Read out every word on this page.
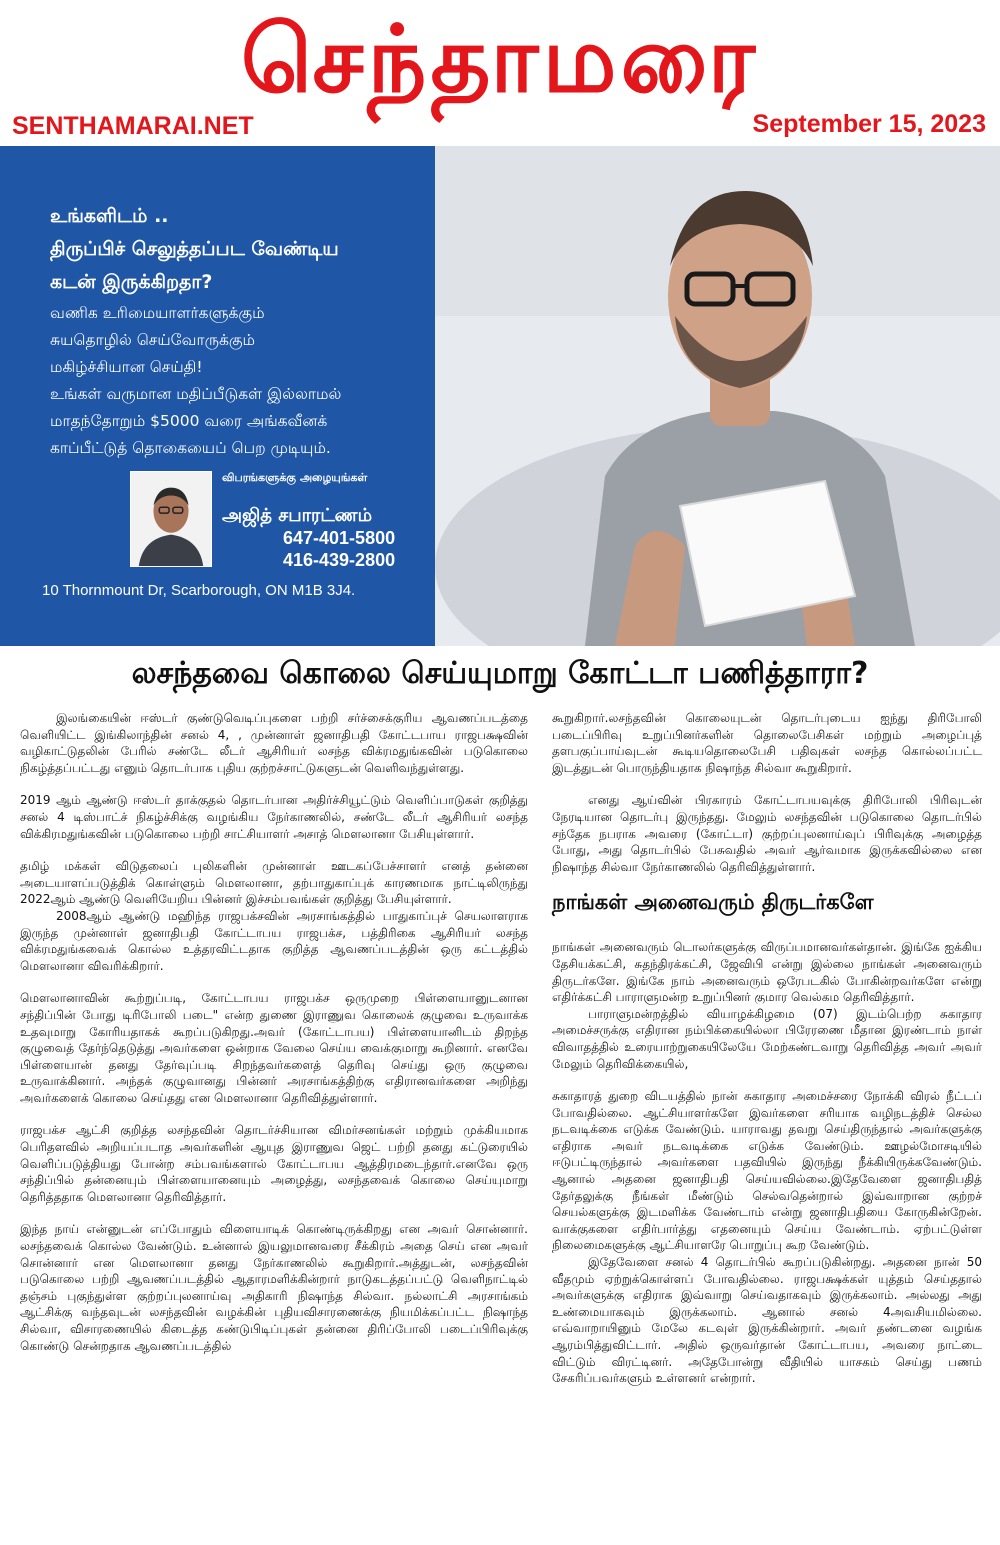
செந்தாமரை
SENTHAMARAI.NET	September 15, 2023
உங்களிடம் ..
திருப்பிச் செலுத்தப்பட வேண்டிய
கடன் இருக்கிறதா?
வணிக உரிமையாளர்களுக்கும்
சுயதொழில் செய்வோருக்கும்
மகிழ்ச்சியான செய்தி!
உங்கள் வருமான மதிப்பீடுகள் இல்லாமல்
மாதந்தோறும் $5000 வரை அங்கவீனக்
காப்பீட்டுத் தொகையைப் பெற முடியும்.
விபரங்களுக்கு அழையுங்கள்
அஜித் சபாரட்ணம்
647-401-5800
416-439-2800
10 Thornmount Dr, Scarborough, ON M1B 3J4.
லசந்தவை கொலை செய்யுமாறு கோட்டா பணித்தாரா?

இலங்கையின் ஈஸ்டர் குண்டுவெடிப்புகளை பற்றி சர்ச்சைக்குரிய ஆவணப்படத்தை வெளியிட்ட இங்கிலாந்தின் சனல் 4, , முன்னாள் ஜனாதிபதி கோட்டபாய ராஜபக்ஷவின் வழிகாட்டுதலின் பேரில் சண்டே லீடர் ஆசிரியர் லசந்த விக்ரமதுங்கவின் படுகொலை நிகழ்த்தப்பட்டது எனும் தொடர்பாக புதிய குற்றச்சாட்டுகளுடன் வெளிவந்துள்ளது.

2019 ஆம் ஆண்டு ஈஸ்டர் தாக்குதல் தொடர்பான அதிர்ச்சியூட்டும் வெளிப்பாடுகள் குறித்து சனல் 4 டிஸ்பாட்ச் நிகழ்ச்சிக்கு வழங்கிய நேர்காணலில், சண்டே லீடர் ஆசிரியர் லசந்த விக்கிரமதுங்கவின் படுகொலை பற்றி சாட்சியாளர் அசாத் மௌலானா பேசியுள்ளார்.

தமிழ் மக்கள் விடுதலைப் புலிகளின் முன்னாள் ஊடகப்பேச்சாளர் எனத் தன்னை அடையாளப்படுத்திக் கொள்ளும் மௌலானா, தற்பாதுகாப்புக் காரணமாக நாட்டிலிருந்து 2022ஆம் ஆண்டு வெளியேறிய பின்னர் இச்சம்பவங்கள் குறித்து பேசியுள்ளார்.

2008ஆம் ஆண்டு மஹிந்த ராஜபக்சவின் அரசாங்கத்தில் பாதுகாப்புச் செயலாளராக இருந்த முன்னாள் ஜனாதிபதி கோட்டாபய ராஜபக்ச, பத்திரிகை ஆசிரியர் லசந்த விக்ரமதுங்கவைக் கொல்ல உத்தரவிட்டதாக குறித்த ஆவணப்படத்தின் ஒரு கட்டத்தில் மௌலானா விவரிக்கிறார்.

மௌலானாவின் கூற்றுப்படி, கோட்டாபய ராஜபக்ச ஒருமுறை பிள்ளையானுடனான சந்திப்பின் போது டிரிபோலி படை" என்ற துணை இராணுவ கொலைக் குழுவை உருவாக்க உதவுமாறு கோரியதாகக் கூறப்படுகிறது.அவர் (கோட்டாபய) பிள்ளையானிடம் திறந்த குழுவைத் தேர்ந்தெடுத்து அவர்களை ஒன்றாக வேலை செய்ய வைக்குமாறு கூறினார். எனவே பிள்ளையான் தனது தேர்வுப்படி சிறந்தவர்களைத் தெரிவு செய்து ஒரு குழுவை உருவாக்கினார். அந்தக் குழுவானது பின்னர் அரசாங்கத்திற்கு எதிரானவர்களை அறிந்து அவர்களைக் கொலை செய்தது என மௌலானா தெரிவித்துள்ளார்.

ராஜபக்ச ஆட்சி குறித்த லசந்தவின் தொடர்ச்சியான விமர்சனங்கள் மற்றும் முக்கியமாக பெரிதளவில் அறியப்படாத அவர்களின் ஆயுத இராணுவ ஜெட் பற்றி தனது கட்டுரையில் வெளிப்படுத்தியது போன்ற சம்பவங்களால் கோட்டாபய ஆத்திரமடைந்தார்.எனவே ஒரு சந்திப்பில் தன்னையும் பிள்ளையானையும் அழைத்து, லசந்தவைக் கொலை செய்யுமாறு தெரித்ததாக மௌலானா தெரிவித்தார்.

இந்த நாய் என்னுடன் எப்போதும் விளையாடிக் கொண்டிருக்கிறது என அவர் சொன்னார். லசந்தவைக் கொல்ல வேண்டும். உன்னால் இயலுமானவரை சீக்கிரம் அதை செய் என அவர் சொன்னார் என மௌலானா தனது நேர்காணலில் கூறுகிறார்.அத்துடன், லசந்தவின் படுகொலை பற்றி ஆவணப்படத்தில் ஆதாரமளிக்கின்றார் நாடுகடத்தப்பட்டு வெளிநாட்டில் தஞ்சம் புகுந்துள்ள குற்றப்புலனாய்வு அதிகாரி நிஷாந்த சில்வா. நல்லாட்சி அரசாங்கம் ஆட்சிக்கு வந்தவுடன் லசந்தவின் வழக்கின் புதியவிசாரணைக்கு நியமிக்கப்பட்ட நிஷாந்த சில்வா, விசாரணையில் கிடைத்த கண்டுபிடிப்புகள் தன்னை திரிப்போலி படைப்பிரிவுக்கு கொண்டு சென்றதாக ஆவணப்படத்தில்

கூறுகிறார்.லசந்தவின் கொலையுடன் தொடர்புடைய ஐந்து திரிபோலி படைப்பிரிவு உறுப்பினர்களின் தொலைபேசிகள் மற்றும் அழைப்புத் தளபகுப்பாய்வுடன் கூடியதொலைபேசி பதிவுகள் லசந்த கொல்லப்பட்ட இடத்துடன் பொருந்தியதாக நிஷாந்த சில்வா கூறுகிறார்.

எனது ஆய்வின் பிரகாரம் கோட்டாபயவுக்கு திரிபோலி பிரிவுடன் நேரடியான தொடர்பு இருந்தது. மேலும் லசந்தவின் படுகொலை தொடர்பில் சந்தேக நபராக அவரை (கோட்டா) குற்றப்புலனாய்வுப் பிரிவுக்கு அழைத்த போது, அது தொடர்பில் பேசுவதில் அவர் ஆர்வமாக இருக்கவில்லை என நிஷாந்த சில்வா நேர்காணலில் தெரிவித்துள்ளார்.

நாங்கள் அனைவரும் திருடர்களே

நாங்கள் அனைவரும் டொலர்களுக்கு விருப்பமானவர்கள்தான். இங்கே ஐக்கிய தேசியக்கட்சி, சுதந்திரக்கட்சி, ஜேவிபி என்று இல்லை நாங்கள் அனைவரும் திருடர்களே. இங்கே நாம் அனைவரும் ஒரேபடகில் போகின்றவர்களே என்று எதிர்க்கட்சி பாராளுமன்ற உறுப்பினர் குமார வெல்கம தெரிவித்தார்.

பாராளுமன்றத்தில் வியாழக்கிழமை (07) இடம்பெற்ற சுகாதார அமைச்சருக்கு எதிரான நம்பிக்கையில்லா பிரேரணை மீதான இரண்டாம் நாள் விவாதத்தில் உரையாற்றுகையிலேயே மேற்கண்டவாறு தெரிவித்த அவர் அவர் மேலும் தெரிவிக்கையில்,

சுகாதாரத் துறை விடயத்தில் நான் சுகாதார அமைச்சரை நோக்கி விரல் நீட்டப் போவதில்லை. ஆட்சியாளர்களே இவர்களை சரியாக வழிநடத்திச் செல்ல நடவடிக்கை எடுக்க வேண்டும். யாராவது தவறு செய்திருந்தால் அவர்களுக்கு எதிராக அவர் நடவடிக்கை எடுக்க வேண்டும். ஊழல்மோசடியில் ஈடுபட்டிருந்தால் அவர்களை பதவியில் இருந்து நீக்கியிருக்கவேண்டும். ஆனால் அதனை ஜனாதிபதி செய்யவில்லை.இதேவேளை ஜனாதிபதித் தேர்தலுக்கு நீங்கள் மீண்டும் செல்வதென்றால் இவ்வாறான குற்றச் செயல்களுக்கு இடமளிக்க வேண்டாம் என்று ஜனாதிபதியை கோருகின்றேன். வாக்குகளை எதிர்பார்த்து எதனையும் செய்ய வேண்டாம். ஏற்பட்டுள்ள நிலைமைகளுக்கு ஆட்சியாளரே பொறுப்பு கூற வேண்டும்.

இதேவேளை சனல் 4 தொடர்பில் கூறப்படுகின்றது. அதனை நான் 50 வீதமும் ஏற்றுக்கொள்ளப் போவதில்லை. ராஜபக்ஷக்கள் யுத்தம் செய்ததால் அவர்களுக்கு எதிராக இவ்வாறு செய்வதாகவும் இருக்கலாம். அல்லது அது உண்மையாகவும் இருக்கலாம். ஆனால் சனல் 4அவசியமில்லை. எவ்வாறாயினும் மேலே கடவுள் இருக்கின்றார். அவர் தண்டனை வழங்க ஆரம்பித்துவிட்டார். அதில் ஒருவர்தான் கோட்டாபய, அவரை நாட்டை விட்டும் விரட்டினர். அதேபோன்று வீதியில் யாசகம் செய்து பணம் சேகரிப்பவர்களும் உள்ளனர் என்றார்.
